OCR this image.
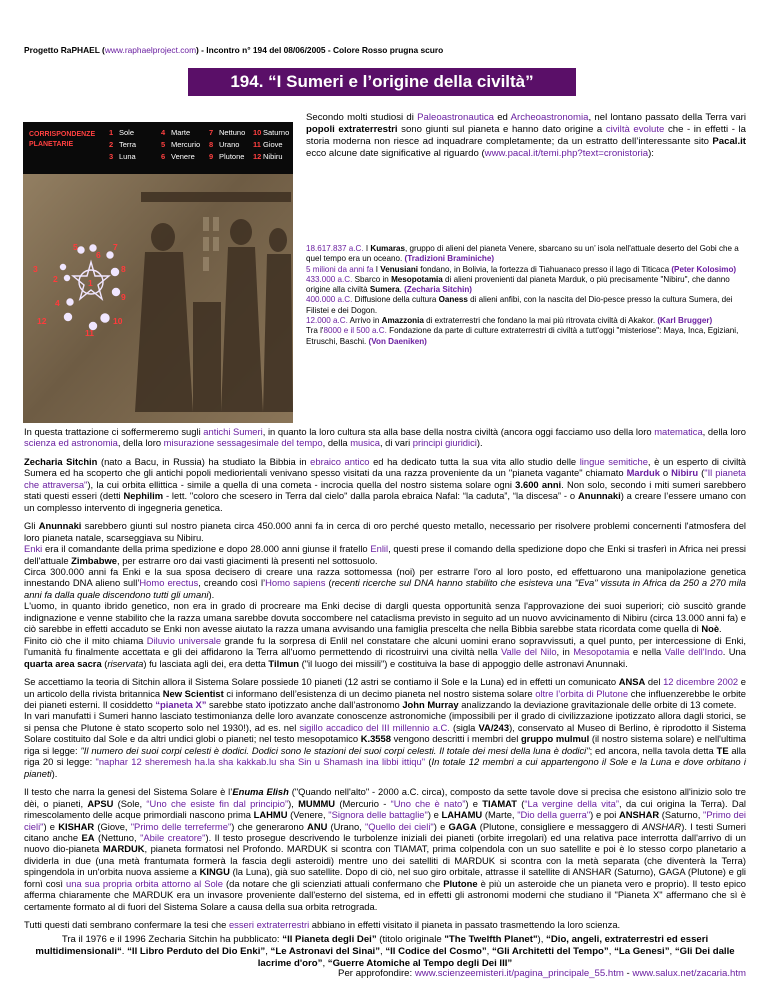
Progetto RaPHAEL (www.raphaelproject.com) - Incontro n° 194 del 08/06/2005 - Colore Rosso prugna scuro
194. “I Sumeri e l’origine della civiltà”
CORRISPONDENZE
PLANETARIE
1 Sole
2 Terra
3 Luna
4 Marte
5 Mercurio
6 Venere
7 Nettuno
8 Urano
9 Plutone
10 Saturno
11 Giove
12 Nibiru
5
6
7
3
2
8
1
4
9
12	10
11

Secondo molti studiosi di Paleoastronautica ed Archeoastronomia, nel lontano passato della Terra vari popoli extraterrestri sono giunti sul pianeta e hanno dato origine a civiltà evolute che - in effetti - la storia moderna non riesce ad inquadrare completamente; da un estratto dell’interessante sito Pacal.it ecco alcune date significative al riguardo (www.pacal.it/temi.php?text=cronistoria):

18.617.837 a.C. I Kumaras, gruppo di alieni del pianeta Venere, sbarcano su un’ isola nell'attuale deserto del Gobi che a quel tempo era un oceano. (Tradizioni Braminiche)
5 milioni da anni fa I Venusiani fondano, in Bolivia, la fortezza di Tiahuanaco presso il lago di Titicaca (Peter Kolosimo)
433.000 a.C. Sbarco in Mesopotamia di alieni provenienti dal pianeta Marduk, o più precisamente "Nibiru", che danno origine alla civiltà Sumera. (Zecharia Sitchin)
400.000 a.C. Diffusione della cultura Oaness di alieni anfibi, con la nascita del Dio-pesce presso la cultura Sumera, dei Filistei e dei Dogon.
12.000 a.C. Arrivo in Amazzonia di extraterrestri che fondano la mai più ritrovata civiltà di Akakor. (Karl Brugger)
Tra l'8000 e il 500 a.C. Fondazione da parte di culture extraterrestri di civiltà a tutt'oggi "misteriose": Maya, Inca, Egiziani, Etruschi, Baschi. (Von Daeniken)

In questa trattazione ci soffermeremo sugli antichi Sumeri, in quanto la loro cultura sta alla base della nostra civiltà (ancora oggi facciamo uso della loro matematica, della loro scienza ed astronomia, della loro misurazione sessagesimale del tempo, della musica, di vari principi giuridici).

Zecharia Sitchin (nato a Bacu, in Russia) ha studiato la Bibbia in ebraico antico ed ha dedicato tutta la sua vita allo studio delle lingue semitiche, è un esperto di civiltà Sumera ed ha scoperto che gli antichi popoli mediorientali venivano spesso visitati da una razza proveniente da un "pianeta vagante" chiamato Marduk o Nibiru ("Il pianeta che attraversa"), la cui orbita ellittica - simile a quella di una cometa - incrocia quella del nostro sistema solare ogni 3.600 anni. Non solo, secondo i miti sumeri sarebbero stati questi esseri (detti Nephilim - lett. "coloro che scesero in Terra dal cielo" dalla parola ebraica Nafal: “la caduta”, “la discesa” - o Anunnaki) a creare l’essere umano con un complesso intervento di ingegneria genetica.

Gli Anunnaki sarebbero giunti sul nostro pianeta circa 450.000 anni fa in cerca di oro perché questo metallo, necessario per risolvere problemi concernenti l'atmosfera del loro pianeta natale, scarseggiava su Nibiru.
Enki era il comandante della prima spedizione e dopo 28.000 anni giunse il fratello Enlil, questi prese il comando della spedizione dopo che Enki si trasferì in Africa nei pressi dell'attuale Zimbabwe, per estrarre oro dai vasti giacimenti là presenti nel sottosuolo.
Circa 300.000 anni fa Enki e la sua sposa decisero di creare una razza sottomessa (noi) per estrarre l'oro al loro posto, ed effettuarono una manipolazione genetica innestando DNA alieno sull’Homo erectus, creando così l’Homo sapiens (recenti ricerche sul DNA hanno stabilito che esisteva una "Eva" vissuta in Africa da 250 a 270 mila anni fa dalla quale discendono tutti gli umani).
L'uomo, in quanto ibrido genetico, non era in grado di procreare ma Enki decise di dargli questa opportunità senza l'approvazione dei suoi superiori; ciò suscitò grande indignazione e venne stabilito che la razza umana sarebbe dovuta soccombere nel cataclisma previsto in seguito ad un nuovo avvicinamento di Nibiru (circa 13.000 anni fa) e ciò sarebbe in effetti accaduto se Enki non avesse aiutato la razza umana avvisando una famiglia prescelta che nella Bibbia sarebbe stata ricordata come quella di Noè.
Finito ciò che il mito chiama Diluvio universale grande fu la sorpresa di Enlil nel constatare che alcuni uomini erano sopravvissuti, a quel punto, per intercessione di Enki, l'umanità fu finalmente accettata e gli dei affidarono la Terra all'uomo permettendo di ricostruirvi una civiltà nella Valle del Nilo, in Mesopotamia e nella Valle dell'Indo. Una quarta area sacra (riservata) fu lasciata agli dei, era detta Tilmun ("il luogo dei missili") e costituiva la base di appoggio delle astronavi Anunnaki.

Se accettiamo la teoria di Sitchin allora il Sistema Solare possiede 10 pianeti (12 astri se contiamo il Sole e la Luna) ed in effetti un comunicato ANSA del 12 dicembre 2002 e un articolo della rivista britannica New Scientist ci informano dell’esistenza di un decimo pianeta nel nostro sistema solare oltre l’orbita di Plutone che influenzerebbe le orbite dei pianeti esterni. Il cosiddetto “pianeta X” sarebbe stato ipotizzato anche dall’astronomo John Murray analizzando la deviazione gravitazionale delle orbite di 13 comete.
In vari manufatti i Sumeri hanno lasciato testimonianza delle loro avanzate conoscenze astronomiche (impossibili per il grado di civilizzazione ipotizzato allora dagli storici, se si pensa che Plutone è stato scoperto solo nel 1930!), ad es. nel sigillo accadico del III millennio a.C. (sigla VA/243), conservato al Museo di Berlino, è riprodotto il Sistema Solare costituito dal Sole e da altri undici globi o pianeti; nel testo mesopotamico K.3558 vengono descritti i membri del gruppo mulmul (il nostro sistema solare) e nell'ultima riga si legge: "Il numero dei suoi corpi celesti è dodici. Dodici sono le stazioni dei suoi corpi celesti. Il totale dei mesi della luna è dodici"; ed ancora, nella tavola detta TE alla riga 20 si legge: "naphar 12 sheremesh ha.la sha kakkab.lu sha Sin u Shamash ina libbi ittiqu" (In totale 12 membri a cui appartengono il Sole e la Luna e dove orbitano i pianeti).

Il testo che narra la genesi del Sistema Solare è l’Enuma Elish ("Quando nell'alto" - 2000 a.C. circa), composto da sette tavole dove si precisa che esistono all'inizio solo tre dèi, o pianeti, APSU (Sole, “Uno che esiste fin dal principio”), MUMMU (Mercurio - “Uno che è nato”) e TIAMAT (“La vergine della vita”, da cui origina la Terra). Dal rimescolamento delle acque primordiali nascono prima LAHMU (Venere, "Signora delle battaglie") e LAHAMU (Marte, "Dio della guerra") e poi ANSHAR (Saturno, "Primo dei cieli") e KISHAR (Giove, "Primo delle terreferme") che generarono ANU (Urano, "Quello dei cieli") e GAGA (Plutone, consigliere e messaggero di ANSHAR). I testi Sumeri citano anche EA (Nettuno, "Abile creatore"). Il testo prosegue descrivendo le turbolenze iniziali dei pianeti (orbite irregolari) ed una relativa pace interrotta dall'arrivo di un nuovo dio-pianeta MARDUK, pianeta formatosi nel Profondo. MARDUK si scontra con TIAMAT, prima colpendola con un suo satellite e poi è lo stesso corpo planetario a dividerla in due (una metà frantumata formerà la fascia degli asteroidi) mentre uno dei satelliti di MARDUK si scontra con la metà separata (che diventerà la Terra) spingendola in un'orbita nuova assieme a KINGU (la Luna), già suo satellite. Dopo di ciò, nel suo giro orbitale, attrasse il satellite di ANSHAR (Saturno), GAGA (Plutone) e gli fornì così una sua propria orbita attorno al Sole (da notare che gli scienziati attuali confermano che Plutone è più un asteroide che un pianeta vero e proprio). Il testo epico afferma chiaramente che MARDUK era un invasore proveniente dall'esterno del sistema, ed in effetti gli astronomi moderni che studiano il "Pianeta X" affermano che sì è certamente formato al di fuori del Sistema Solare a causa della sua orbita retrograda.

Tutti questi dati sembrano confermare la tesi che esseri extraterrestri abbiano in effetti visitato il pianeta in passato trasmettendo la loro scienza.

Tra il 1976 e il 1996 Zecharia Sitchin ha pubblicato: “Il Pianeta degli Dei” (titolo originale "The Twelfth Planet"), “Dio, angeli, extraterrestri ed esseri multidimensionali“. “Il Libro Perduto del Dio Enki”, “Le Astronavi del Sinai”, “Il Codice del Cosmo”, “Gli Architetti del Tempo”, “La Genesi”, “Gli Dei dalle lacrime d'oro”, “Guerre Atomiche al Tempo degli Dei III”
Per approfondire: www.scienzeemisteri.it/pagina_principale_55.htm - www.salux.net/zacaria.htm
